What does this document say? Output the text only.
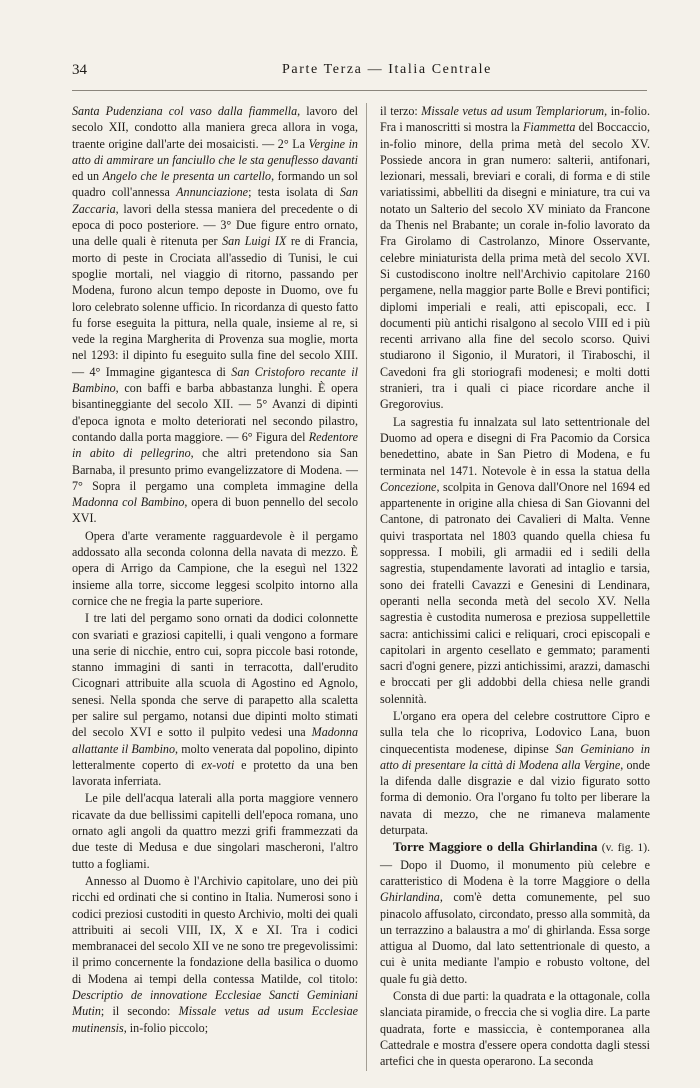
34	Parte Terza — Italia Centrale

Santa Pudenziana col vaso dalla fiammella, lavoro del secolo XII, condotto alla maniera greca allora in voga, traente origine dall'arte dei mosaicisti. — 2° La Vergine in atto di ammirare un fanciullo che le sta genuflesso davanti ed un Angelo che le presenta un cartello, formando un sol quadro coll'annessa Annunciazione; testa isolata di San Zaccaria, lavori della stessa maniera del precedente o di epoca di poco posteriore. — 3° Due figure entro ornato, una delle quali è ritenuta per San Luigi IX re di Francia, morto di peste in Crociata all'assedio di Tunisi, le cui spoglie mortali, nel viaggio di ritorno, passando per Modena, furono alcun tempo deposte in Duomo, ove fu loro celebrato solenne ufficio. In ricordanza di questo fatto fu forse eseguita la pittura, nella quale, insieme al re, si vede la regina Margherita di Provenza sua moglie, morta nel 1293: il dipinto fu eseguito sulla fine del secolo XIII. — 4° Immagine gigantesca di San Cristoforo recante il Bambino, con baffi e barba abbastanza lunghi. È opera bisantineggiante del secolo XII. — 5° Avanzi di dipinti d'epoca ignota e molto deteriorati nel secondo pilastro, contando dalla porta maggiore. — 6° Figura del Redentore in abito di pellegrino, che altri pretendono sia San Barnaba, il presunto primo evangelizzatore di Modena. — 7° Sopra il pergamo una completa immagine della Madonna col Bambino, opera di buon pennello del secolo XVI.

Opera d'arte veramente ragguardevole è il pergamo addossato alla seconda colonna della navata di mezzo. È opera di Arrigo da Campione, che la eseguì nel 1322 insieme alla torre, siccome leggesi scolpito intorno alla cornice che ne fregia la parte superiore.

I tre lati del pergamo sono ornati da dodici colonnette con svariati e graziosi capitelli, i quali vengono a formare una serie di nicchie, entro cui, sopra piccole basi rotonde, stanno immagini di santi in terracotta, dall'erudito Cicognari attribuite alla scuola di Agostino ed Agnolo, senesi. Nella sponda che serve di parapetto alla scaletta per salire sul pergamo, notansi due dipinti molto stimati del secolo XVI e sotto il pulpito vedesi una Madonna allattante il Bambino, molto venerata dal popolino, dipinto letteralmente coperto di ex-voti e protetto da una ben lavorata inferriata.

Le pile dell'acqua laterali alla porta maggiore vennero ricavate da due bellissimi capitelli dell'epoca romana, uno ornato agli angoli da quattro mezzi grifi frammezzati da due teste di Medusa e due singolari mascheroni, l'altro tutto a fogliami.

Annesso al Duomo è l'Archivio capitolare, uno dei più ricchi ed ordinati che si contino in Italia. Numerosi sono i codici preziosi custoditi in questo Archivio, molti dei quali attribuiti ai secoli VIII, IX, X e XI. Tra i codici membranacei del secolo XII ve ne sono tre pregevolissimi: il primo concernente la fondazione della basilica o duomo di Modena ai tempi della contessa Matilde, col titolo: Descriptio de innovatione Ecclesiae Sancti Geminiani Mutin; il secondo: Missale vetus ad usum Ecclesiae mutinensis, in-folio piccolo;

il terzo: Missale vetus ad usum Templariorum, in-folio. Fra i manoscritti si mostra la Fiammetta del Boccaccio, in-folio minore, della prima metà del secolo XV. Possiede ancora in gran numero: salterii, antifonari, lezionari, messali, breviari e corali, di forma e di stile variatissimi, abbelliti da disegni e miniature, tra cui va notato un Salterio del secolo XV miniato da Francone da Thenis nel Brabante; un corale in-folio lavorato da Fra Girolamo di Castrolanzo, Minore Osservante, celebre miniaturista della prima metà del secolo XVI. Si custodiscono inoltre nell'Archivio capitolare 2160 pergamene, nella maggior parte Bolle e Brevi pontifici; diplomi imperiali e reali, atti episcopali, ecc. I documenti più antichi risalgono al secolo VIII ed i più recenti arrivano alla fine del secolo scorso. Quivi studiarono il Sigonio, il Muratori, il Tiraboschi, il Cavedoni fra gli storiografi modenesi; e molti dotti stranieri, tra i quali ci piace ricordare anche il Gregorovius.

La sagrestia fu innalzata sul lato settentrionale del Duomo ad opera e disegni di Fra Pacomio da Corsica benedettino, abate in San Pietro di Modena, e fu terminata nel 1471. Notevole è in essa la statua della Concezione, scolpita in Genova dall'Onore nel 1694 ed appartenente in origine alla chiesa di San Giovanni del Cantone, di patronato dei Cavalieri di Malta. Venne quivi trasportata nel 1803 quando quella chiesa fu soppressa. I mobili, gli armadii ed i sedili della sagrestia, stupendamente lavorati ad intaglio e tarsia, sono dei fratelli Cavazzi e Genesini di Lendinara, operanti nella seconda metà del secolo XV. Nella sagrestia è custodita numerosa e preziosa suppellettile sacra: antichissimi calici e reliquari, croci episcopali e capitolari in argento cesellato e gemmato; paramenti sacri d'ogni genere, pizzi antichissimi, arazzi, damaschi e broccati per gli addobbi della chiesa nelle grandi solennità.

L'organo era opera del celebre costruttore Cipro e sulla tela che lo ricopriva, Lodovico Lana, buon cinquecentista modenese, dipinse San Geminiano in atto di presentare la città di Modena alla Vergine, onde la difenda dalle disgrazie e dal vizio figurato sotto forma di demonio. Ora l'organo fu tolto per liberare la navata di mezzo, che ne rimaneva malamente deturpata.

Torre Maggiore o della Ghirlandina (v. fig. 1). — Dopo il Duomo, il monumento più celebre e caratteristico di Modena è la torre Maggiore o della Ghirlandina, com'è detta comunemente, pel suo pinacolo affusolato, circondato, presso alla sommità, da un terrazzino a balaustra a mo' di ghirlanda. Essa sorge attigua al Duomo, dal lato settentrionale di questo, a cui è unita mediante l'ampio e robusto voltone, del quale fu già detto.

Consta di due parti: la quadrata e la ottagonale, colla slanciata piramide, o freccia che si voglia dire. La parte quadrata, forte e massiccia, è contemporanea alla Cattedrale e mostra d'essere opera condotta dagli stessi artefici che in questa operarono. La seconda
